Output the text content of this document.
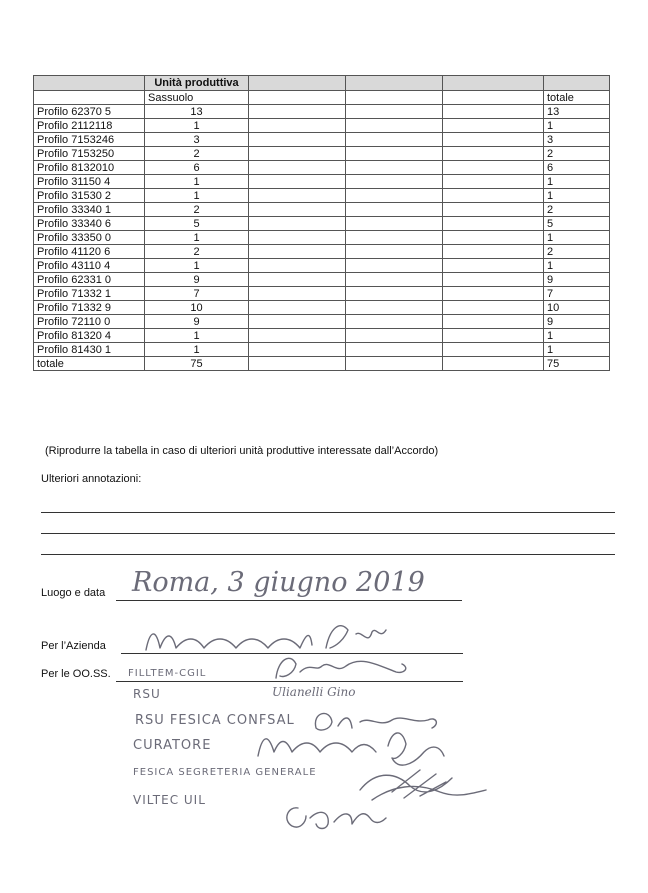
	Unità produttiva				
	Sassuolo				totale
Profilo 62370 5	13				13
Profilo 2112118	1				1
Profilo 7153246	3				3
Profilo 7153250	2				2
Profilo 8132010	6				6
Profilo 31150 4	1				1
Profilo 31530 2	1				1
Profilo 33340 1	2				2
Profilo 33340 6	5				5
Profilo 33350 0	1				1
Profilo 41120 6	2				2
Profilo 43110 4	1				1
Profilo 62331 0	9				9
Profilo 71332 1	7				7
Profilo 71332 9	10				10
Profilo 72110 0	9				9
Profilo 81320 4	1				1
Profilo 81430 1	1				1
totale	75				75
(Riprodurre la tabella in caso di ulteriori unità produttive interessate dall’Accordo)
Ulteriori annotazioni:
Luogo e data Roma, 3 giugno 2019
Per l’Azienda
Per le OO.SS. FILLTEM-CGIL
RSU	Ulianelli Gino
RSU FESICA CONFSAL
CURATORE
FESICA SEGRETERIA GENERALE
VILTEC UIL
